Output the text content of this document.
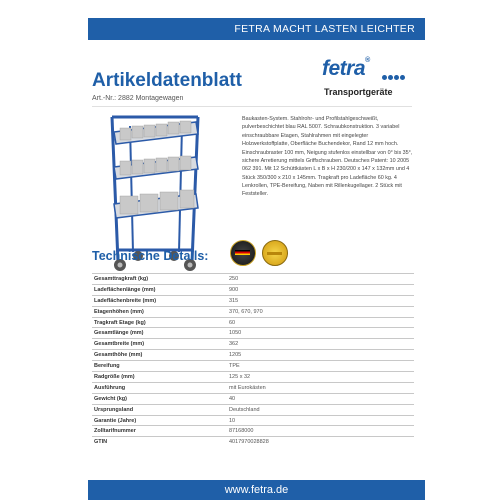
FETRA MACHT LASTEN LEICHTER
Artikeldatenblatt
Art.-Nr.: 2882 Montagewagen
fetra®
Transportgeräte
Baukasten-System. Stahlrohr- und Profilstahlgeschweißt, pulverbeschichtet blau RAL 5007. Schraubkonstruktion. 3 variabel einschraubbare Etagen, Stahlrahmen mit eingelegter Holzwerkstoffplatte, Oberfläche Buchendekor, Rand 12 mm hoch. Einschraubraster 100 mm, Neigung stufenlos einstellbar von 0° bis 35°, sichere Arretierung mittels Griffschrauben. Deutsches Patent: 10 2005 062 391. Mit 12 Schüttkästen L x B x H 230/200 x 147 x 132mm und 4 Stück 350/300 x 210 x 145mm. Tragkraft pro Ladefläche 60 kg. 4 Lenkrollen, TPE-Bereifung, Naben mit Rillenkugellager. 2 Stück mit Feststeller.
Technische Details:
Gesamttragkraft (kg)	250
Ladeflächenlänge (mm)	900
Ladeflächenbreite (mm)	315
Etagenhöhen (mm)	370, 670, 970
Tragkraft Etage (kg)	60
Gesamtlänge (mm)	1050
Gesamtbreite (mm)	362
Gesamthöhe (mm)	1205
Bereifung	TPE
Radgröße (mm)	125 x 32
Ausführung	mit Eurokästen
Gewicht (kg)	40
Ursprungsland	Deutschland
Garantie (Jahre)	10
Zolltarifnummer	87168000
GTIN	4017970028828
www.fetra.de
